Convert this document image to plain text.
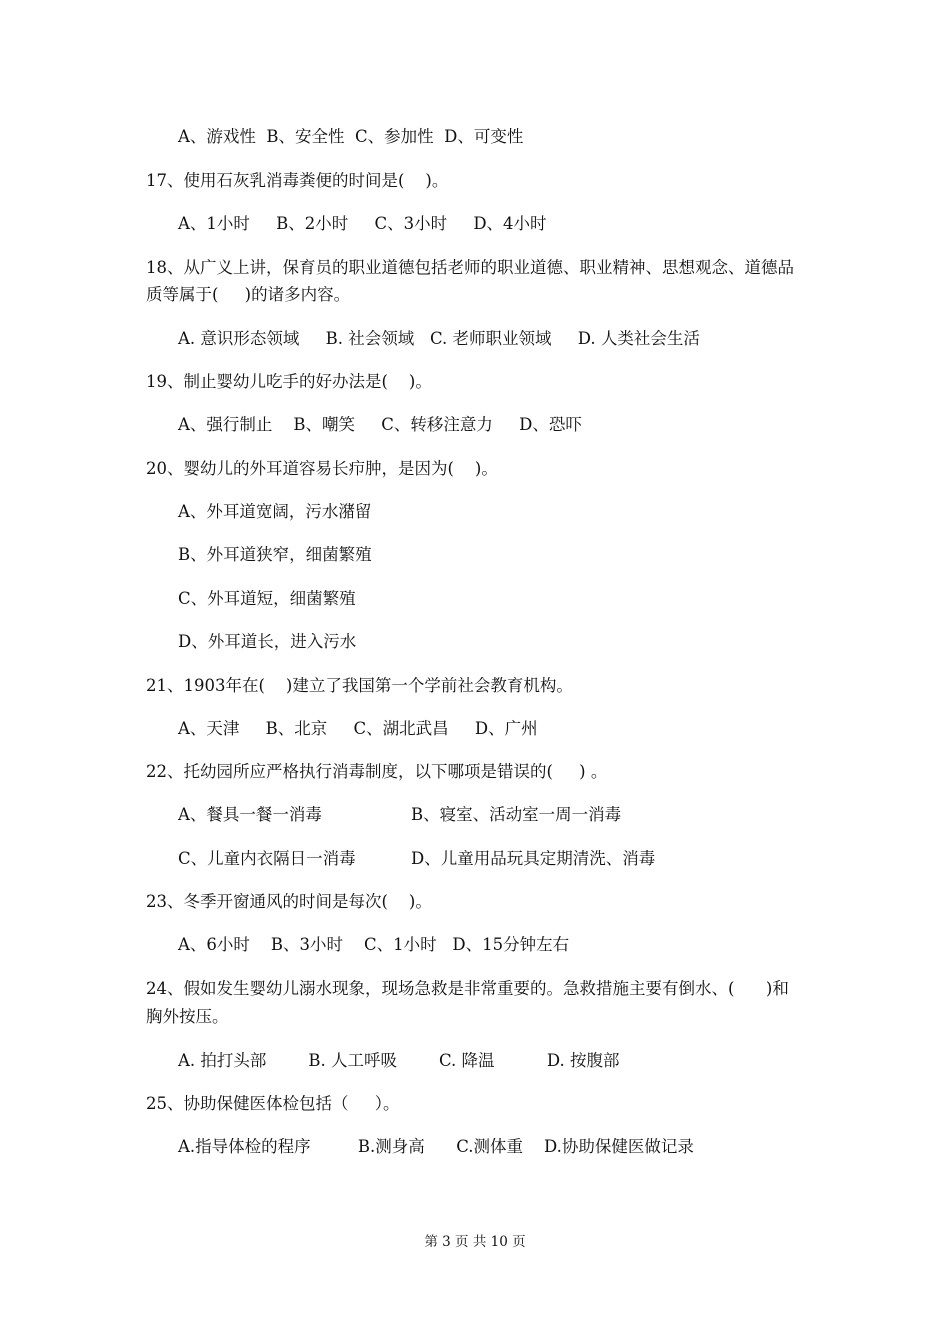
A、游戏性  B、安全性  C、参加性  D、可变性
17、使用石灰乳消毒粪便的时间是(    )。
A、1小时     B、2小时     C、3小时     D、4小时
18、从广义上讲，保育员的职业道德包括老师的职业道德、职业精神、思想观念、道德品
质等属于(     )的诸多内容。
A. 意识形态领域     B. 社会领域   C. 老师职业领域     D. 人类社会生活
19、制止婴幼儿吃手的好办法是(    )。
A、强行制止    B、嘲笑     C、转移注意力     D、恐吓
20、婴幼儿的外耳道容易长疖肿，是因为(    )。
A、外耳道宽阔，污水潴留
B、外耳道狭窄，细菌繁殖
C、外耳道短，细菌繁殖
D、外耳道长，进入污水
21、1903年在(    )建立了我国第一个学前社会教育机构。
A、天津     B、北京     C、湖北武昌     D、广州
22、托幼园所应严格执行消毒制度，以下哪项是错误的(     ) 。
A、餐具一餐一消毒	B、寝室、活动室一周一消毒
C、儿童内衣隔日一消毒	D、儿童用品玩具定期清洗、消毒
23、冬季开窗通风的时间是每次(    )。
A、6小时    B、3小时    C、1小时   D、15分钟左右
24、假如发生婴幼儿溺水现象，现场急救是非常重要的。急救措施主要有倒水、(      )和
胸外按压。
A. 拍打头部        B. 人工呼吸        C. 降温          D. 按腹部
25、协助保健医体检包括（     ）。
A.指导体检的程序         B.测身高      C.测体重    D.协助保健医做记录
第 3 页 共 10 页
